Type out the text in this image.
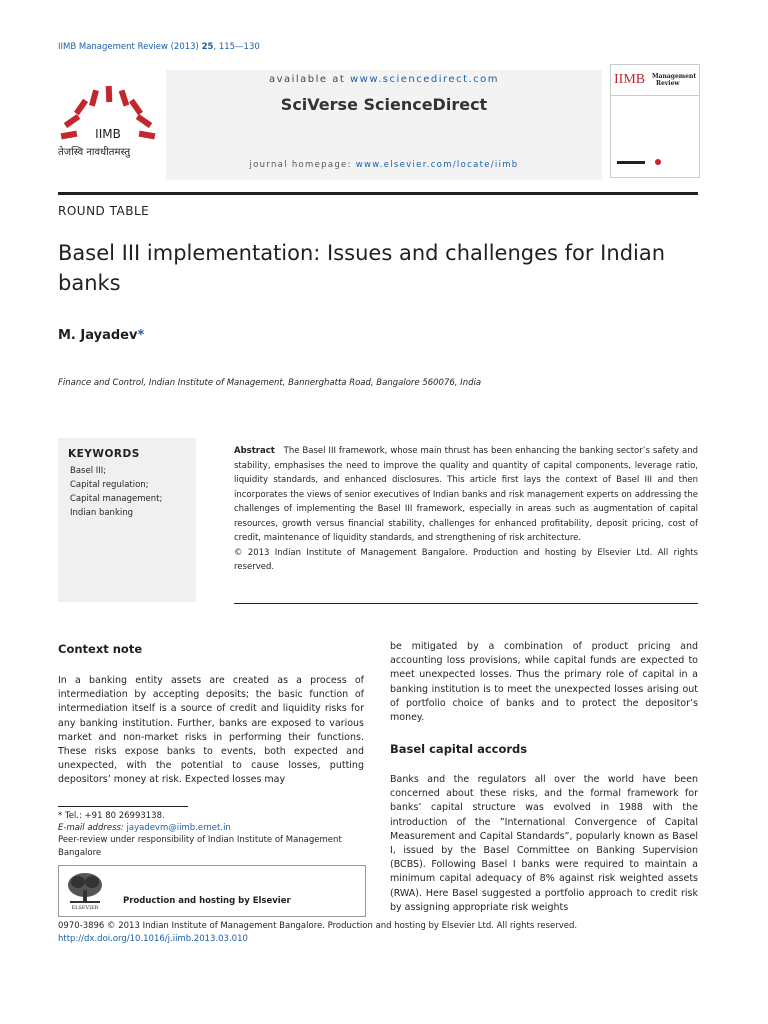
IIMB Management Review (2013) 25, 115—130
available at www.sciencedirect.com
SciVerse ScienceDirect
journal homepage: www.elsevier.com/locate/iimb
IIMB
तेजस्वि नावधीतमस्तु
IIMB Management
Review
ROUND TABLE
Basel III implementation: Issues and challenges for Indian banks
M. Jayadev*
Finance and Control, Indian Institute of Management, Bannerghatta Road, Bangalore 560076, India
KEYWORDS
Basel III;
Capital regulation;
Capital management;
Indian banking
Abstract The Basel III framework, whose main thrust has been enhancing the banking sector’s safety and stability, emphasises the need to improve the quality and quantity of capital components, leverage ratio, liquidity standards, and enhanced disclosures. This article first lays the context of Basel III and then incorporates the views of senior executives of Indian banks and risk management experts on addressing the challenges of implementing the Basel III framework, especially in areas such as augmentation of capital resources, growth versus financial stability, challenges for enhanced profitability, deposit pricing, cost of credit, maintenance of liquidity standards, and strengthening of risk architecture.
© 2013 Indian Institute of Management Bangalore. Production and hosting by Elsevier Ltd. All rights reserved.
Context note
In a banking entity assets are created as a process of intermediation by accepting deposits; the basic function of intermediation itself is a source of credit and liquidity risks for any banking institution. Further, banks are exposed to various market and non-market risks in performing their functions. These risks expose banks to events, both expected and unexpected, with the potential to cause losses, putting depositors’ money at risk. Expected losses may
* Tel.: +91 80 26993138.
E-mail address: jayadevm@iimb.ernet.in
Peer-review under responsibility of Indian Institute of Management Bangalore
ELSEVIER
Production and hosting by Elsevier
be mitigated by a combination of product pricing and accounting loss provisions, while capital funds are expected to meet unexpected losses. Thus the primary role of capital in a banking institution is to meet the unexpected losses arising out of portfolio choice of banks and to protect the depositor’s money.
Basel capital accords
Banks and the regulators all over the world have been concerned about these risks, and the formal framework for banks’ capital structure was evolved in 1988 with the introduction of the ”International Convergence of Capital Measurement and Capital Standards”, popularly known as Basel I, issued by the Basel Committee on Banking Supervision (BCBS). Following Basel I banks were required to maintain a minimum capital adequacy of 8% against risk weighted assets (RWA). Here Basel suggested a portfolio approach to credit risk by assigning appropriate risk weights
0970-3896 © 2013 Indian Institute of Management Bangalore. Production and hosting by Elsevier Ltd. All rights reserved.
http://dx.doi.org/10.1016/j.iimb.2013.03.010
